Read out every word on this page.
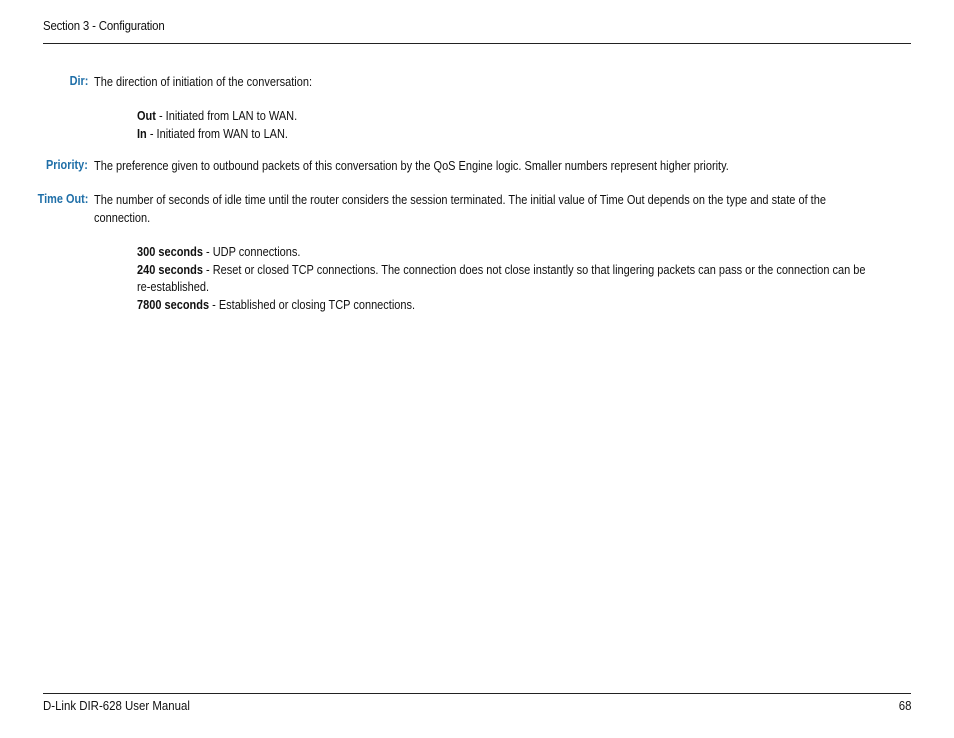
Section 3 - Configuration
Dir: The direction of initiation of the conversation:
Out - Initiated from LAN to WAN.
In - Initiated from WAN to LAN.
Priority: The preference given to outbound packets of this conversation by the QoS Engine logic. Smaller numbers represent higher priority.
Time Out: The number of seconds of idle time until the router considers the session terminated. The initial value of Time Out depends on the type and state of the connection.
300 seconds - UDP connections.
240 seconds - Reset or closed TCP connections. The connection does not close instantly so that lingering packets can pass or the connection can be re-established.
7800 seconds - Established or closing TCP connections.
D-Link DIR-628 User Manual	68
